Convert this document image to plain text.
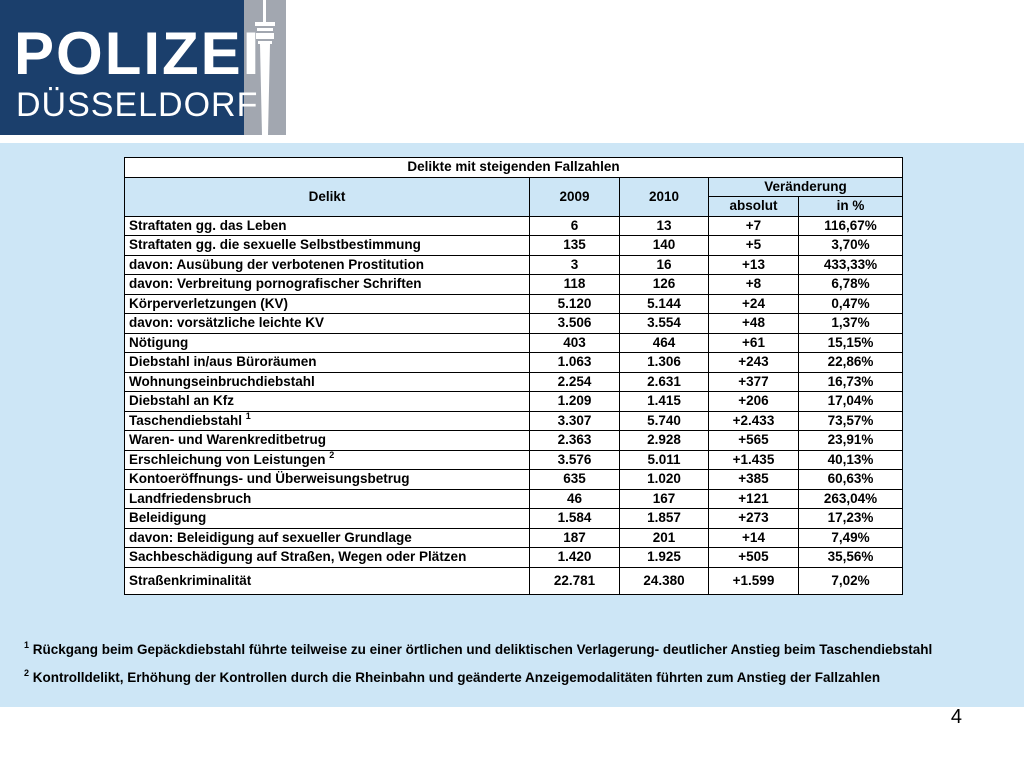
POLIZEI
DÜSSELDORF
Delikte mit steigenden Fallzahlen				
Delikt	2009	2010	Veränderung	
			absolut	in %
Straftaten gg. das Leben	6	13	+7	116,67%
Straftaten gg. die sexuelle Selbstbestimmung	135	140	+5	3,70%
davon: Ausübung der verbotenen Prostitution	3	16	+13	433,33%
davon: Verbreitung pornografischer Schriften	118	126	+8	6,78%
Körperverletzungen (KV)	5.120	5.144	+24	0,47%
davon: vorsätzliche leichte KV	3.506	3.554	+48	1,37%
Nötigung	403	464	+61	15,15%
Diebstahl in/aus Büroräumen	1.063	1.306	+243	22,86%
Wohnungseinbruchdiebstahl	2.254	2.631	+377	16,73%
Diebstahl an Kfz	1.209	1.415	+206	17,04%
Taschendiebstahl $^1$	3.307	5.740	+2.433	73,57%
Waren- und Warenkreditbetrug	2.363	2.928	+565	23,91%
Erschleichung von Leistungen $^2$	3.576	5.011	+1.435	40,13%
Kontoeröffnungs- und Überweisungsbetrug	635	1.020	+385	60,63%
Landfriedensbruch	46	167	+121	263,04%
Beleidigung	1.584	1.857	+273	17,23%
davon: Beleidigung auf sexueller Grundlage	187	201	+14	7,49%
Sachbeschädigung auf Straßen, Wegen oder Plätzen	1.420	1.925	+505	35,56%
Straßenkriminalität	22.781	24.380	+1.599	7,02%
$^1$ Rückgang beim Gepäckdiebstahl führte teilweise zu einer örtlichen und deliktischen Verlagerung- deutlicher Anstieg beim Taschendiebstahl
$^2$ Kontrolldelikt, Erhöhung der Kontrollen durch die Rheinbahn und geänderte Anzeigemodalitäten führten zum Anstieg der Fallzahlen
4
